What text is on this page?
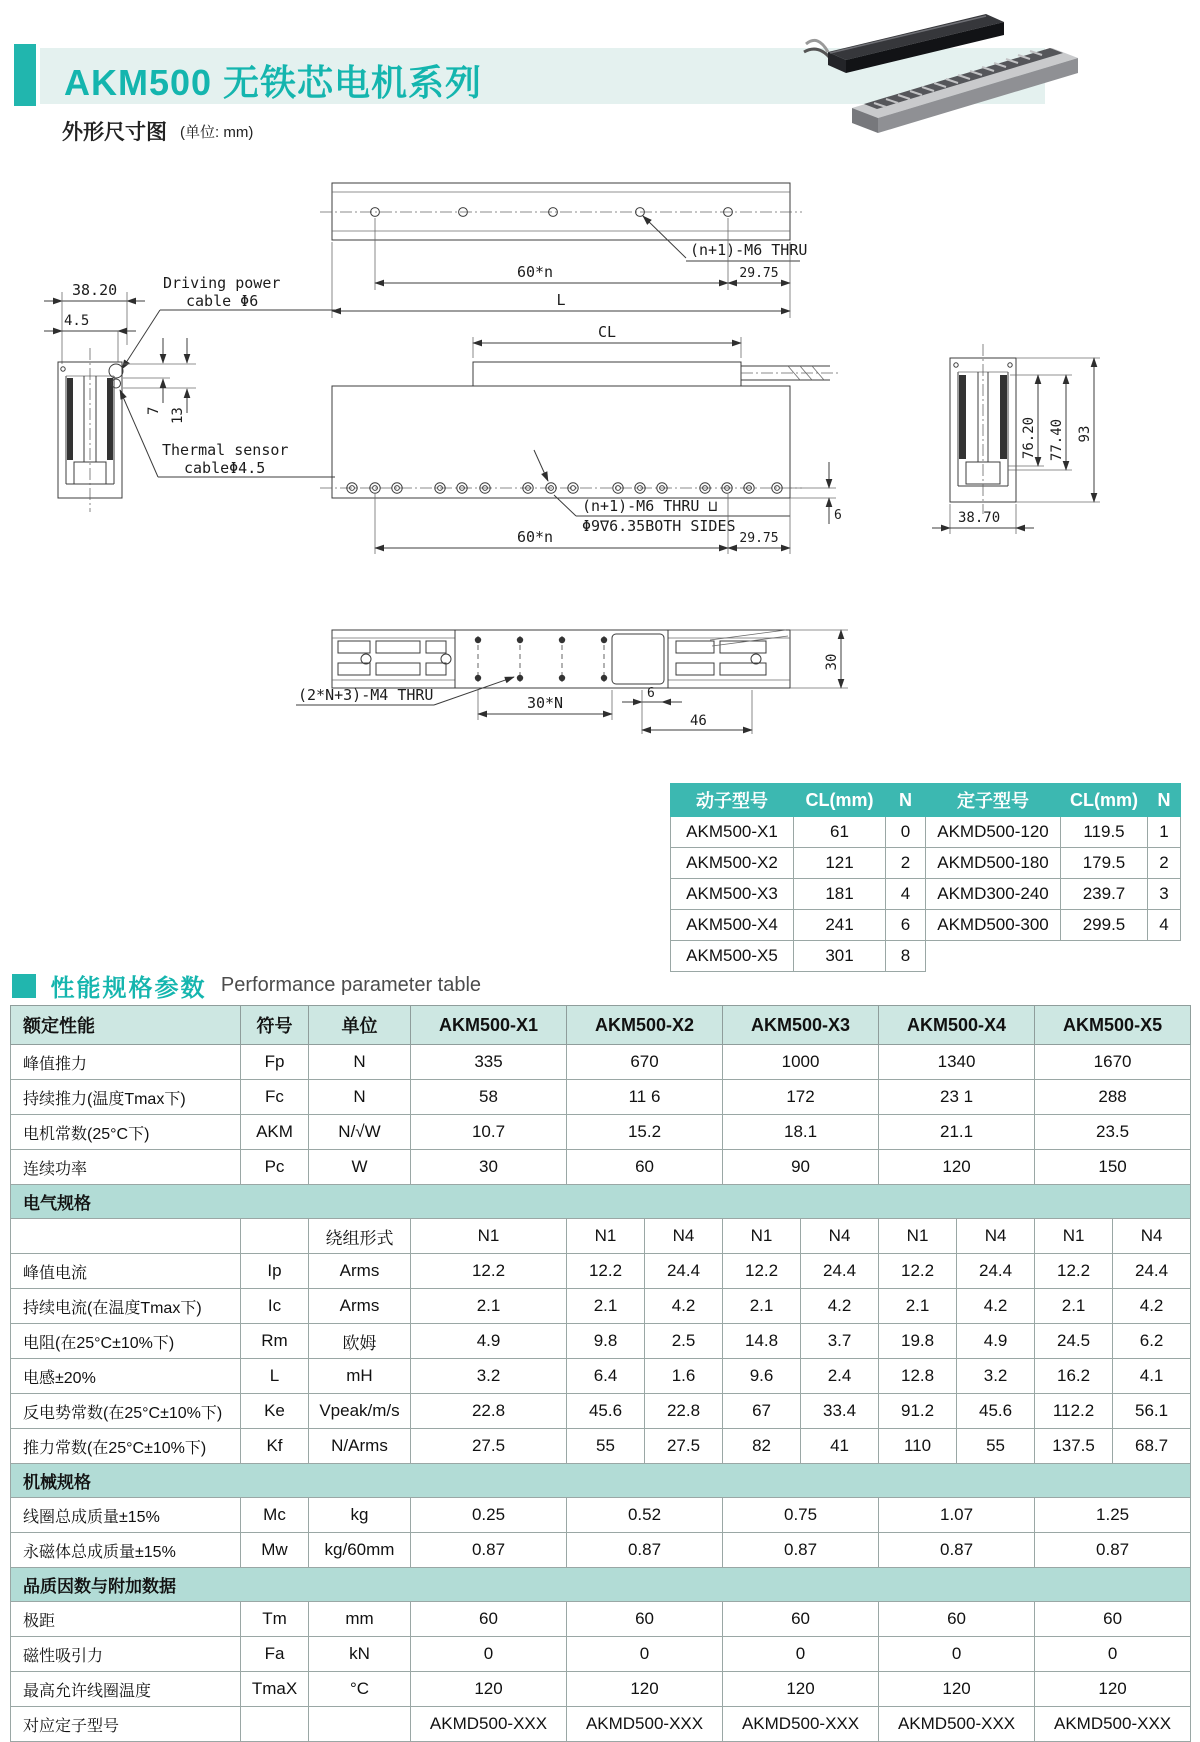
AKM500 无铁芯电机系列
外形尺寸图 (单位: mm)
(n+1)-M6 THRU
60*n	29.75
L
38.20
4.5
Driving power
cable Φ6
7 13
Thermal sensor
cableΦ4.5
CL
(n+1)-M6 THRU ⊔
Φ9∇6.35BOTH SIDES
6
60*n	29.75
76.20 77.40 93
38.70
30
(2*N+3)-M4 THRU	30*N
6
46
动子型号	CL(mm)	N	定子型号	CL(mm)	N
AKM500-X1	61	0	AKMD500-120	119.5	1
AKM500-X2	121	2	AKMD500-180	179.5	2
AKM500-X3	181	4	AKMD300-240	239.7	3
AKM500-X4	241	6	AKMD500-300	299.5	4
AKM500-X5	301	8			
性能规格参数 Performance parameter table
额定性能	符号	单位	AKM500-X1	AKM500-X2		AKM500-X3		AKM500-X4		AKM500-X5	
峰值推力	Fp	N	335	670		1000		1340		1670	
持续推力(温度Tmax下)	Fc	N	58	11 6		172		23 1		288	
电机常数(25°C下)	AKM	N/√W	10.7	15.2		18.1		21.1		23.5	
连续功率	Pc	W	30	60		90		120		150	
电气规格											
		绕组形式	N1	N1	N4	N1	N4	N1	N4	N1	N4
峰值电流	Ip	Arms	12.2	12.2	24.4	12.2	24.4	12.2	24.4	12.2	24.4
持续电流(在温度Tmax下)	Ic	Arms	2.1	2.1	4.2	2.1	4.2	2.1	4.2	2.1	4.2
电阻(在25°C±10%下)	Rm	欧姆	4.9	9.8	2.5	14.8	3.7	19.8	4.9	24.5	6.2
电感±20%	L	mH	3.2	6.4	1.6	9.6	2.4	12.8	3.2	16.2	4.1
反电势常数(在25°C±10%下)	Ke	Vpeak/m/s	22.8	45.6	22.8	67	33.4	91.2	45.6	112.2	56.1
推力常数(在25°C±10%下)	Kf	N/Arms	27.5	55	27.5	82	41	110	55	137.5	68.7
机械规格											
线圈总成质量±15%	Mc	kg	0.25	0.52		0.75		1.07		1.25	
永磁体总成质量±15%	Mw	kg/60mm	0.87	0.87		0.87		0.87		0.87	
品质因数与附加数据											
极距	Tm	mm	60	60		60		60		60	
磁性吸引力	Fa	kN	0	0		0		0		0	
最高允许线圈温度	TmaX	°C	120	120		120		120		120	
对应定子型号			AKMD500-XXX	AKMD500-XXX		AKMD500-XXX		AKMD500-XXX		AKMD500-XXX	
